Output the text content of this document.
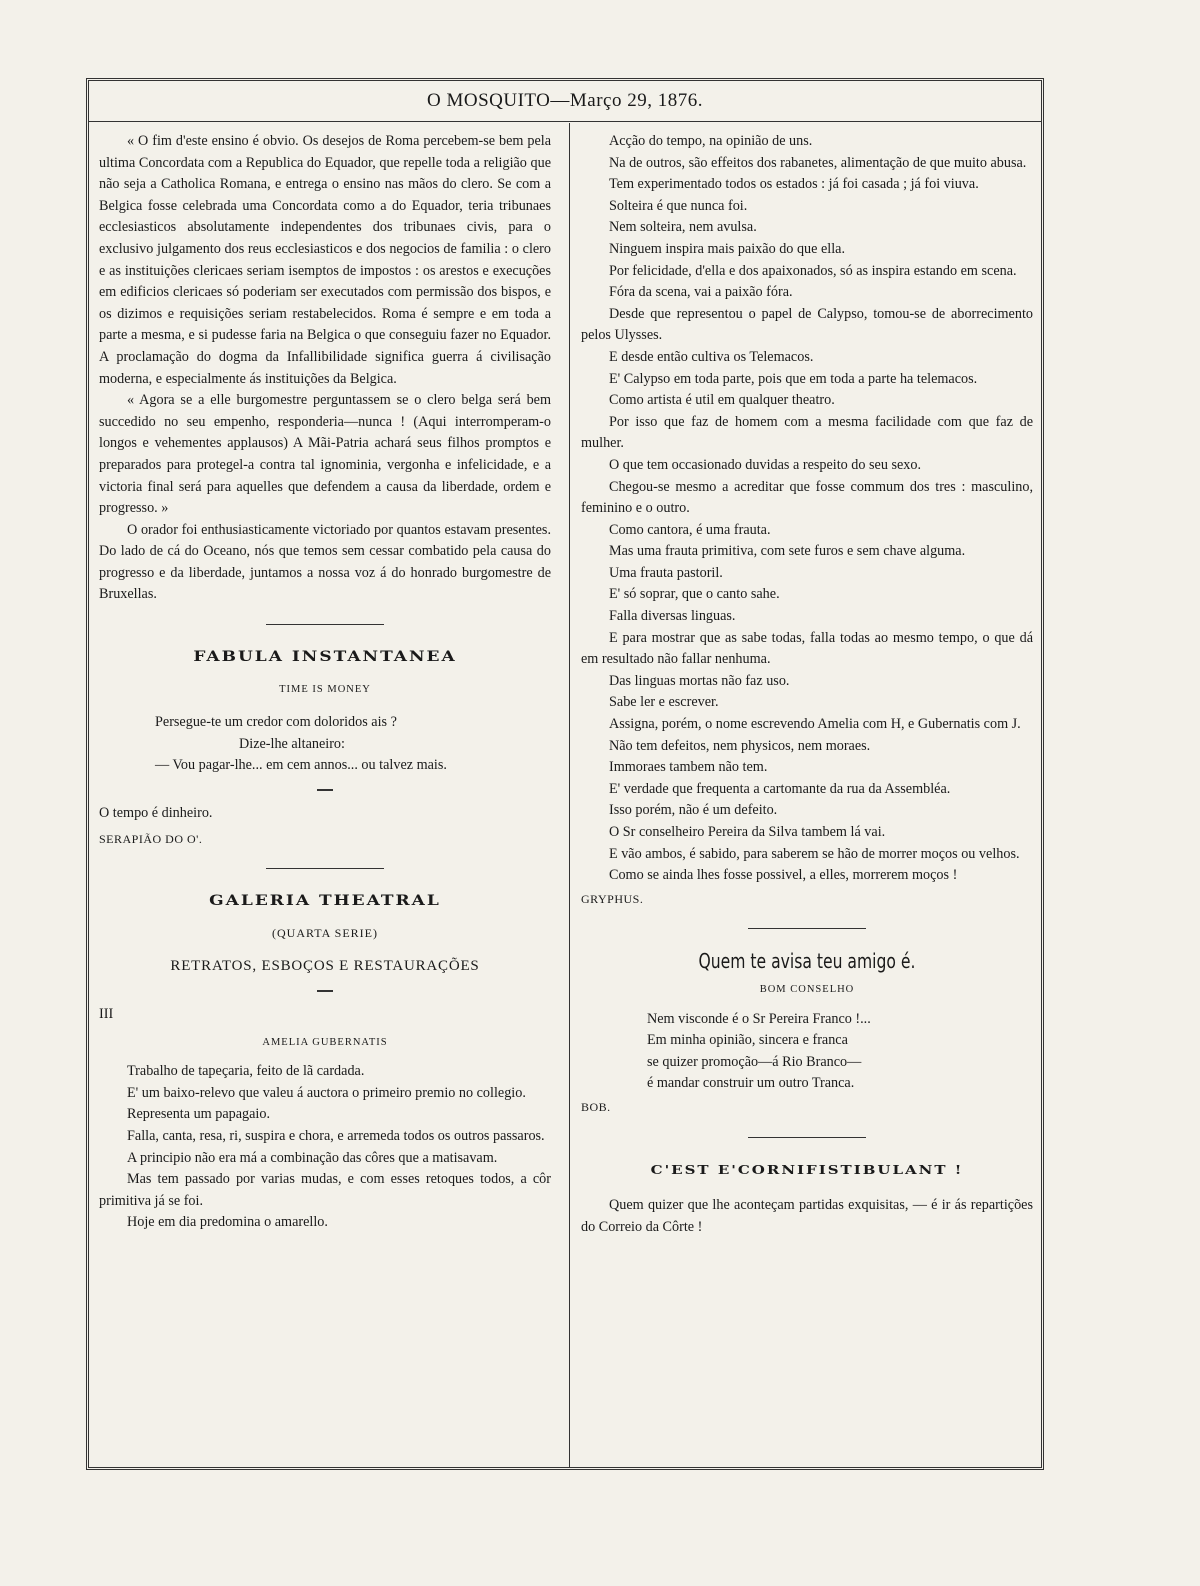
O MOSQUITO—Março 29, 1876.

« O fim d'este ensino é obvio. Os desejos de Roma percebem-se bem pela ultima Concordata com a Republica do Equador, que repelle toda a religião que não seja a Catholica Romana, e entrega o ensino nas mãos do clero. Se com a Belgica fosse celebrada uma Concordata como a do Equador, teria tribunaes ecclesiasticos absolutamente independentes dos tribunaes civis, para o exclusivo julgamento dos reus ecclesiasticos e dos negocios de familia : o clero e as instituições clericaes seriam isemptos de impostos : os arestos e execuções em edificios clericaes só poderiam ser executados com permissão dos bispos, e os dizimos e requisições seriam restabelecidos. Roma é sempre e em toda a parte a mesma, e si pudesse faria na Belgica o que conseguiu fazer no Equador. A proclamação do dogma da Infallibilidade significa guerra á civilisação moderna, e especialmente ás instituições da Belgica.

« Agora se a elle burgomestre perguntassem se o clero belga será bem succedido no seu empenho, responderia—nunca ! (Aqui interromperam-o longos e vehementes applausos) A Mãi-Patria achará seus filhos promptos e preparados para protegel-a contra tal ignominia, vergonha e infelicidade, e a victoria final será para aquelles que defendem a causa da liberdade, ordem e progresso. »

O orador foi enthusiasticamente victoriado por quantos estavam presentes. Do lado de cá do Oceano, nós que temos sem cessar combatido pela causa do progresso e da liberdade, juntamos a nossa voz á do honrado burgomestre de Bruxellas.

FABULA INSTANTANEA
TIME IS MONEY

Persegue-te um credor com doloridos ais ?

Dize-lhe altaneiro:

— Vou pagar-lhe... em cem annos... ou talvez mais.

O tempo é dinheiro.

SERAPIÃO DO O'.

GALERIA THEATRAL
(QUARTA SERIE)
RETRATOS, ESBOÇOS E RESTAURAÇÕES

III

AMELIA GUBERNATIS

Trabalho de tapeçaria, feito de lã cardada.

E' um baixo-relevo que valeu á auctora o primeiro premio no collegio.

Representa um papagaio.

Falla, canta, resa, ri, suspira e chora, e arremeda todos os outros passaros.

A principio não era má a combinação das côres que a matisavam.

Mas tem passado por varias mudas, e com esses retoques todos, a côr primitiva já se foi.

Hoje em dia predomina o amarello.

Acção do tempo, na opinião de uns.

Na de outros, são effeitos dos rabanetes, alimentação de que muito abusa.

Tem experimentado todos os estados : já foi casada ; já foi viuva.

Solteira é que nunca foi.

Nem solteira, nem avulsa.

Ninguem inspira mais paixão do que ella.

Por felicidade, d'ella e dos apaixonados, só as inspira estando em scena.

Fóra da scena, vai a paixão fóra.

Desde que representou o papel de Calypso, tomou-se de aborrecimento pelos Ulysses.

E desde então cultiva os Telemacos.

E' Calypso em toda parte, pois que em toda a parte ha telemacos.

Como artista é util em qualquer theatro.

Por isso que faz de homem com a mesma facilidade com que faz de mulher.

O que tem occasionado duvidas a respeito do seu sexo.

Chegou-se mesmo a acreditar que fosse commum dos tres : masculino, feminino e o outro.

Como cantora, é uma frauta.

Mas uma frauta primitiva, com sete furos e sem chave alguma.

Uma frauta pastoril.

E' só soprar, que o canto sahe.

Falla diversas linguas.

E para mostrar que as sabe todas, falla todas ao mesmo tempo, o que dá em resultado não fallar nenhuma.

Das linguas mortas não faz uso.

Sabe ler e escrever.

Assigna, porém, o nome escrevendo Amelia com H, e Gubernatis com J.

Não tem defeitos, nem physicos, nem moraes.

Immoraes tambem não tem.

E' verdade que frequenta a cartomante da rua da Assembléa.

Isso porém, não é um defeito.

O Sr conselheiro Pereira da Silva tambem lá vai.

E vão ambos, é sabido, para saberem se hão de morrer moços ou velhos.

Como se ainda lhes fosse possivel, a elles, morrerem moços !

GRYPHUS.

Quem te avisa teu amigo é.
BOM CONSELHO

Nem visconde é o Sr Pereira Franco !...

Em minha opinião, sincera e franca

se quizer promoção—á Rio Branco—

é mandar construir um outro Tranca.

BOB.

C'EST E'CORNIFISTIBULANT !

Quem quizer que lhe aconteçam partidas exquisitas, — é ir ás repartições do Correio da Côrte !
